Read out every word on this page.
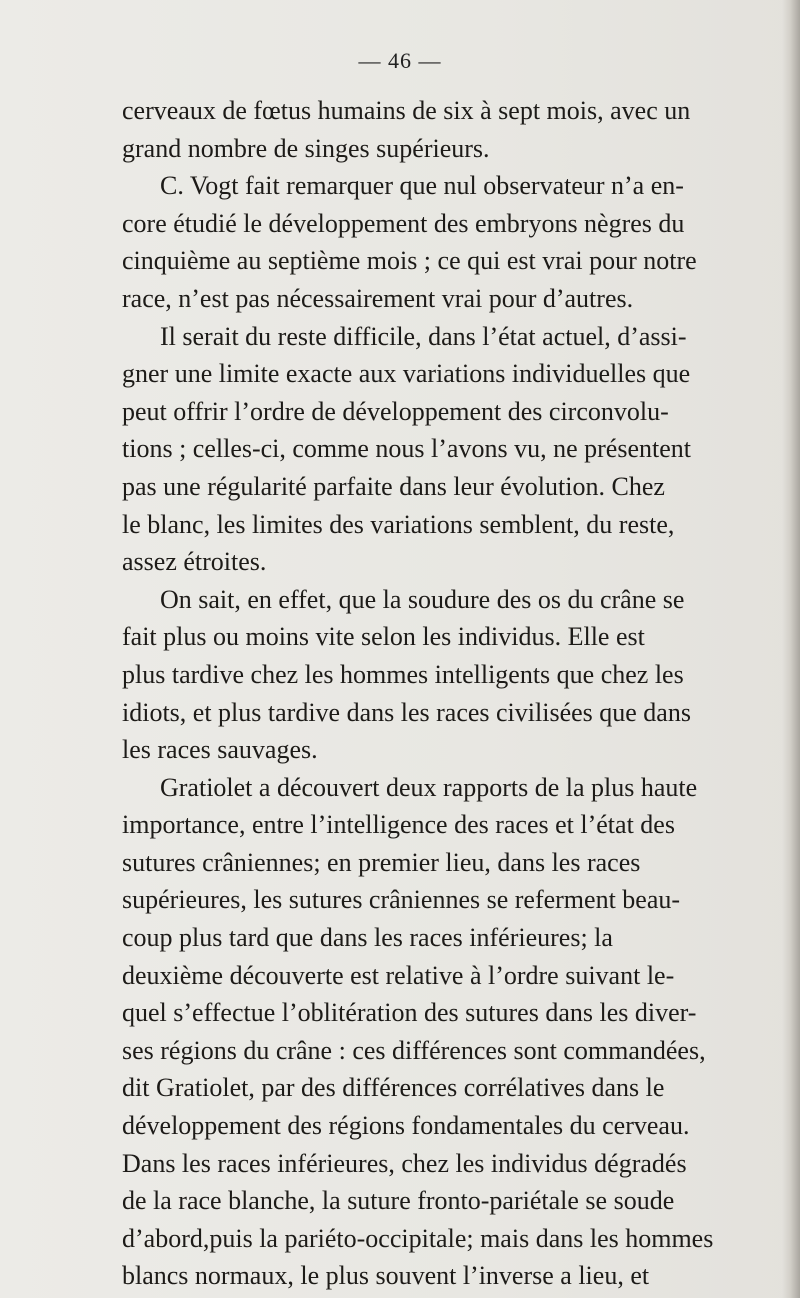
— 46 —
cerveaux de fœtus humains de six à sept mois, avec un
grand nombre de singes supérieurs.
C. Vogt fait remarquer que nul observateur n’a en-
core étudié le développement des embryons nègres du
cinquième au septième mois ; ce qui est vrai pour notre
race, n’est pas nécessairement vrai pour d’autres.
Il serait du reste difficile, dans l’état actuel, d’assi-
gner une limite exacte aux variations individuelles que
peut offrir l’ordre de développement des circonvolu-
tions ; celles-ci, comme nous l’avons vu, ne présentent
pas une régularité parfaite dans leur évolution. Chez
le blanc, les limites des variations semblent, du reste,
assez étroites.
On sait, en effet, que la soudure des os du crâne se
fait plus ou moins vite selon les individus. Elle est
plus tardive chez les hommes intelligents que chez les
idiots, et plus tardive dans les races civilisées que dans
les races sauvages.
Gratiolet a découvert deux rapports de la plus haute
importance, entre l’intelligence des races et l’état des
sutures crâniennes; en premier lieu, dans les races
supérieures, les sutures crâniennes se referment beau-
coup plus tard que dans les races inférieures; la
deuxième découverte est relative à l’ordre suivant le-
quel s’effectue l’oblitération des sutures dans les diver-
ses régions du crâne : ces différences sont commandées,
dit Gratiolet, par des différences corrélatives dans le
développement des régions fondamentales du cerveau.
Dans les races inférieures, chez les individus dégradés
de la race blanche, la suture fronto-pariétale se soude
d’abord,puis la pariéto-occipitale; mais dans les hommes
blancs normaux, le plus souvent l’inverse a lieu, et
